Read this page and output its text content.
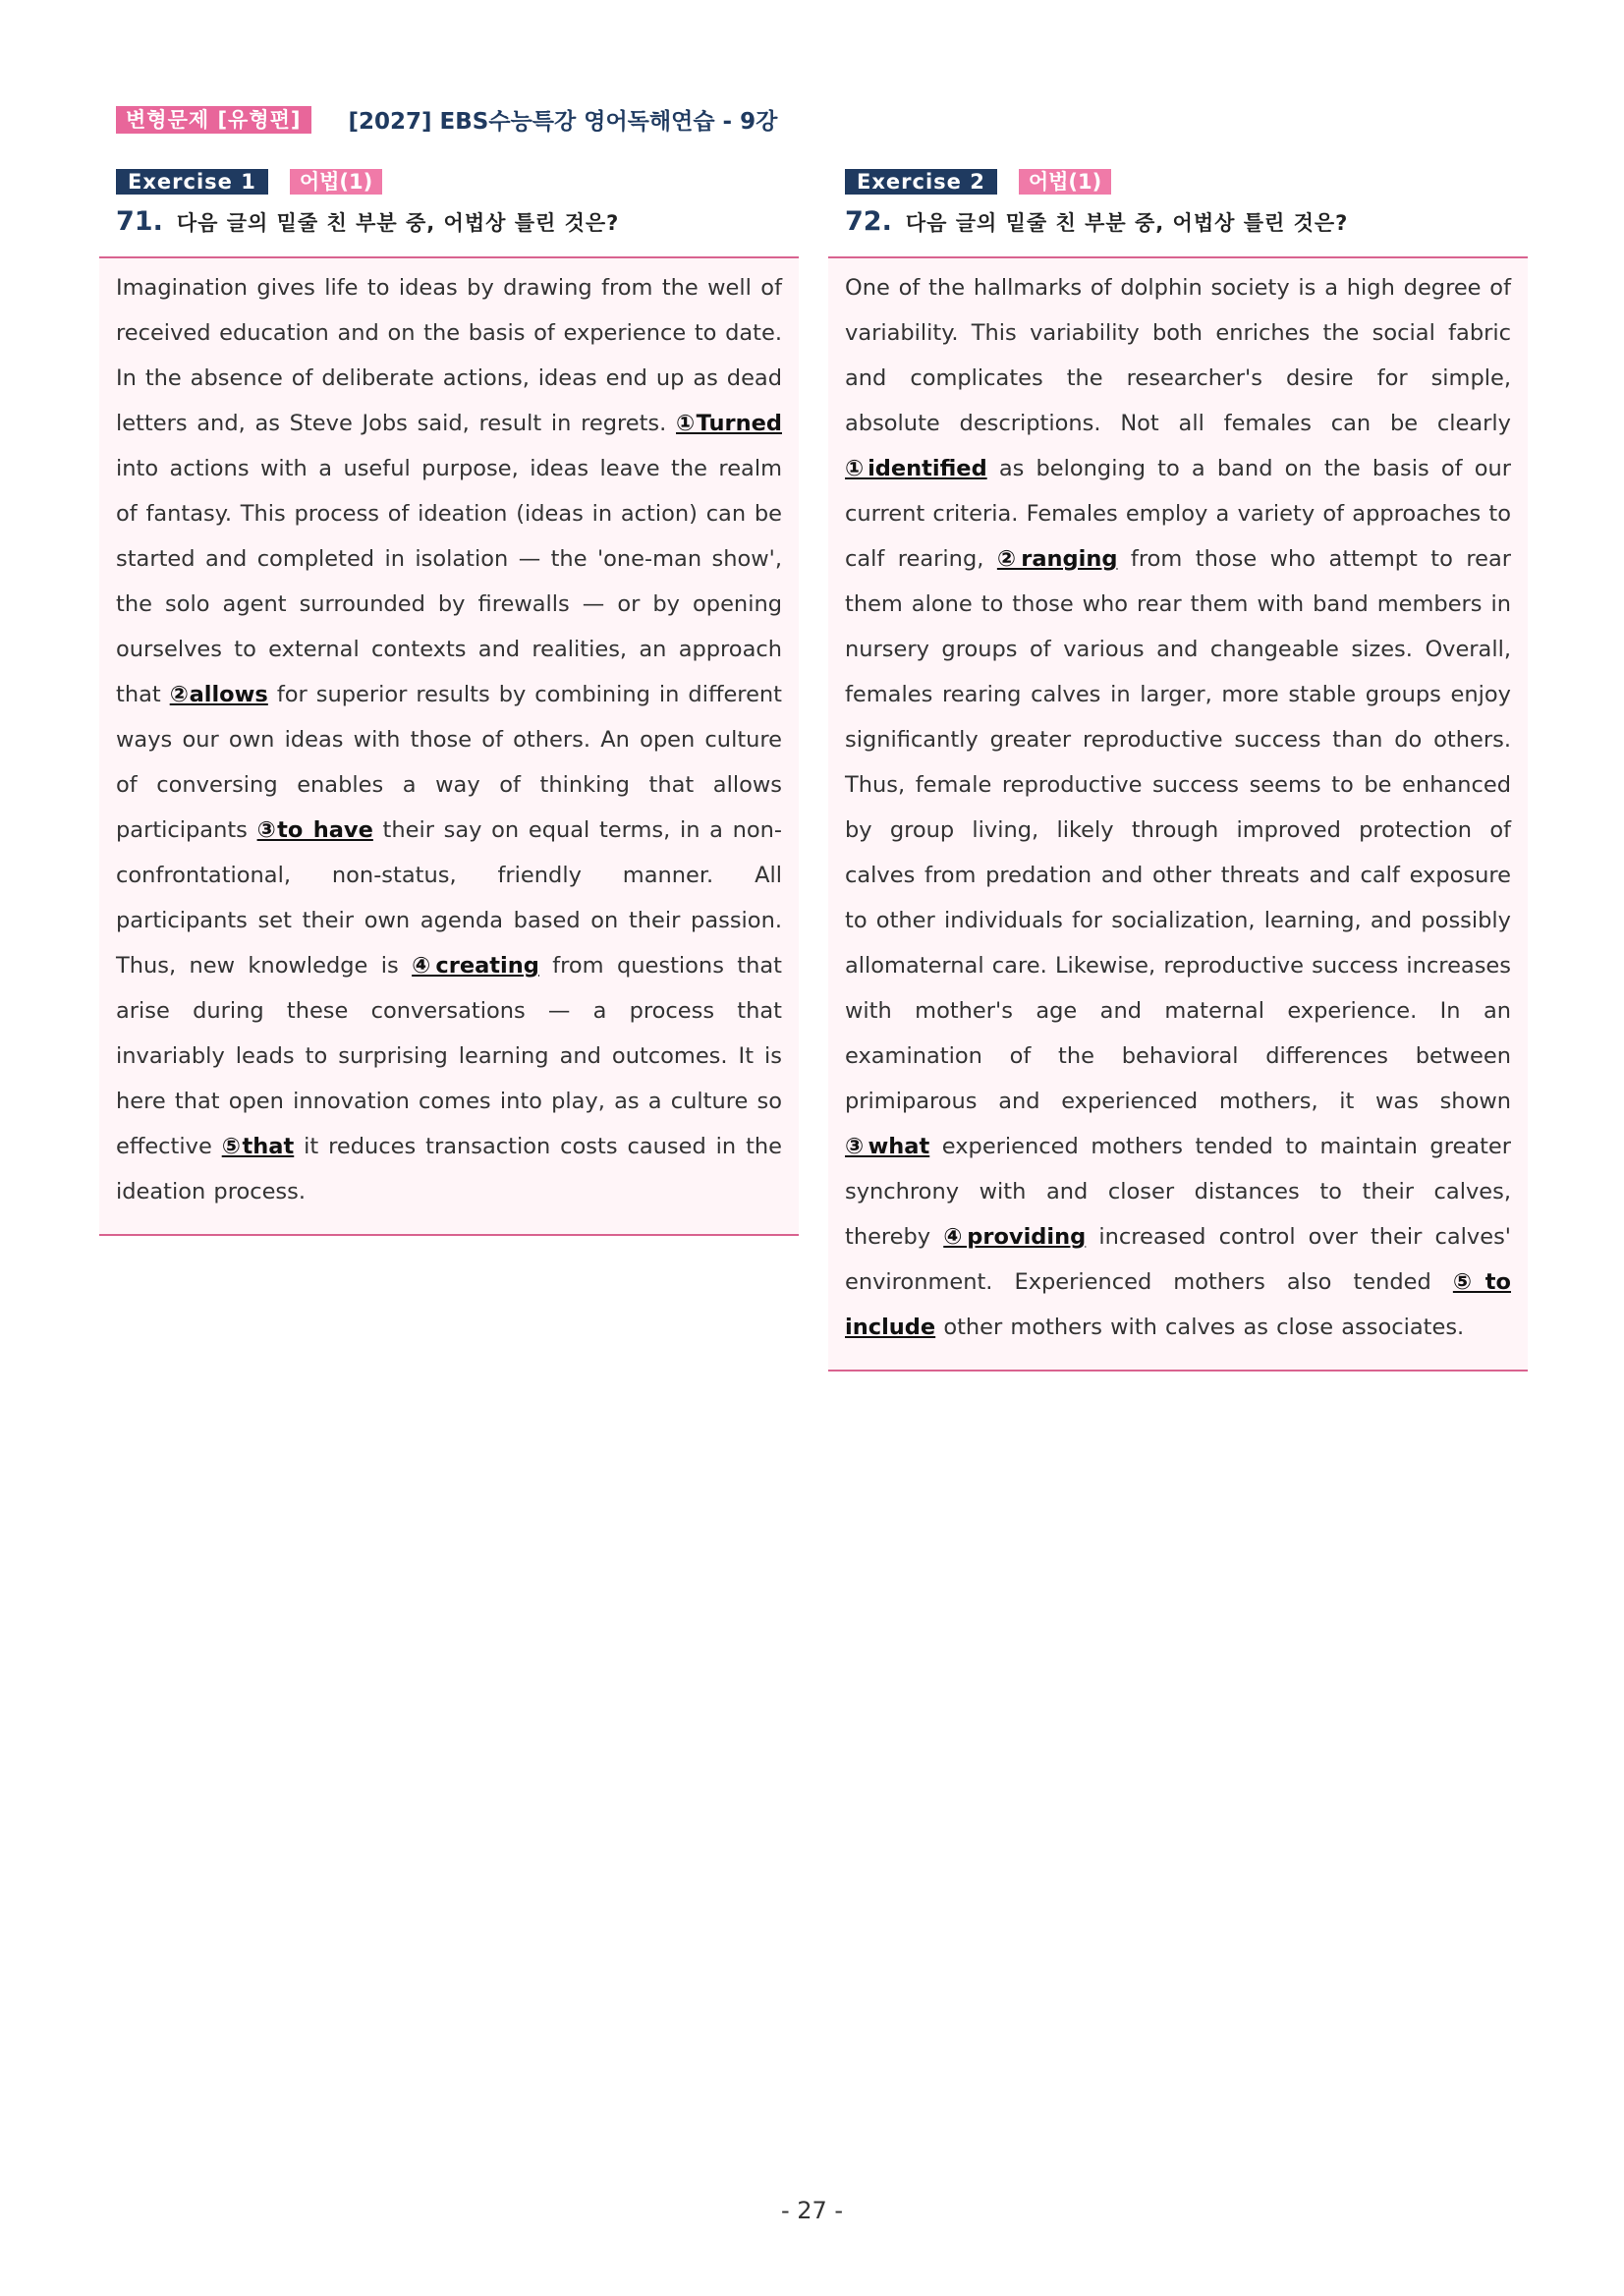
변형문제 [유형편]	[2027] EBS수능특강 영어독해연습 - 9강
Exercise 1	어법(1)
71. 다음 글의 밑줄 친 부분 중, 어법상 틀린 것은?

Imagination gives life to ideas by drawing from the well of received education and on the basis of experience to date. In the absence of deliberate actions, ideas end up as dead letters and, as Steve Jobs said, result in regrets. ①Turned into actions with a useful purpose, ideas leave the realm of fantasy. This process of ideation (ideas in action) can be started and completed in isolation — the 'one-man show', the solo agent surrounded by firewalls — or by opening ourselves to external contexts and realities, an approach that ②allows for superior results by combining in different ways our own ideas with those of others. An open culture of conversing enables a way of thinking that allows participants ③to have their say on equal terms, in a non-confrontational, non-status, friendly manner. All participants set their own agenda based on their passion. Thus, new knowledge is ④creating from questions that arise during these conversations — a process that invariably leads to surprising learning and outcomes. It is here that open innovation comes into play, as a culture so effective ⑤that it reduces transaction costs caused in the ideation process.

Exercise 2	어법(1)
72. 다음 글의 밑줄 친 부분 중, 어법상 틀린 것은?

One of the hallmarks of dolphin society is a high degree of variability. This variability both enriches the social fabric and complicates the researcher's desire for simple, absolute descriptions. Not all females can be clearly ①identified as belonging to a band on the basis of our current criteria. Females employ a variety of approaches to calf rearing, ②ranging from those who attempt to rear them alone to those who rear them with band members in nursery groups of various and changeable sizes. Overall, females rearing calves in larger, more stable groups enjoy significantly greater reproductive success than do others. Thus, female reproductive success seems to be enhanced by group living, likely through improved protection of calves from predation and other threats and calf exposure to other individuals for socialization, learning, and possibly allomaternal care. Likewise, reproductive success increases with mother's age and maternal experience. In an examination of the behavioral differences between primiparous and experienced mothers, it was shown ③what experienced mothers tended to maintain greater synchrony with and closer distances to their calves, thereby ④providing increased control over their calves' environment. Experienced mothers also tended ⑤to include other mothers with calves as close associates.

- 27 -
